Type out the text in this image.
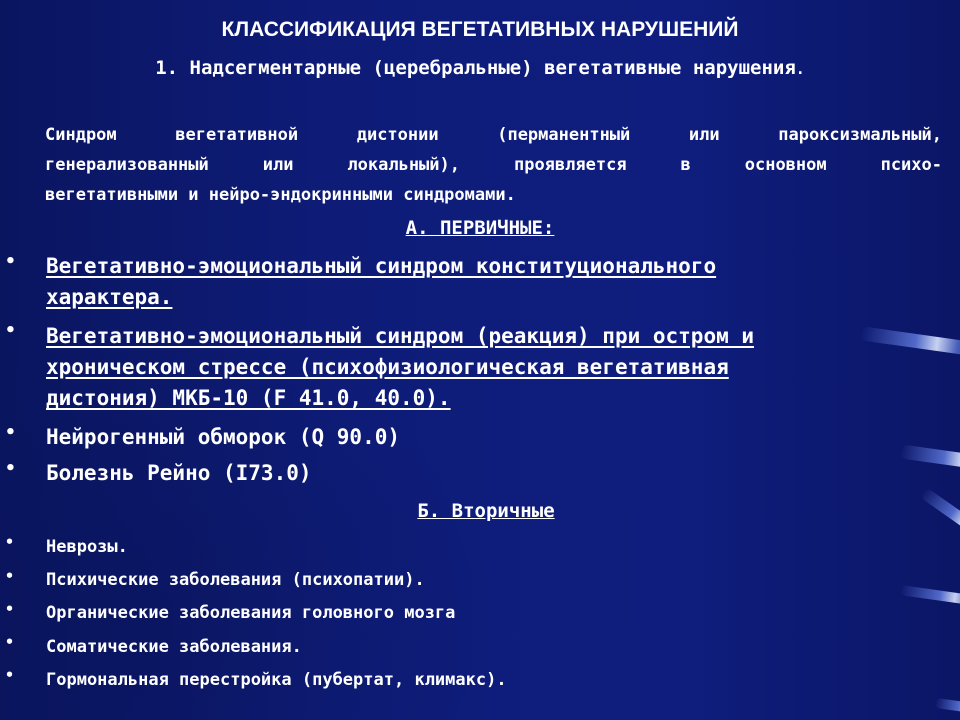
КЛАССИФИКАЦИЯ ВЕГЕТАТИВНЫХ НАРУШЕНИЙ
1. Надсегментарные (церебральные) вегетативные нарушения.
Синдром вегетативной дистонии (перманентный или пароксизмальный,
генерализованный или локальный), проявляется в основном психо-
вегетативными и нейро-эндокринными синдромами.
А. ПЕРВИЧНЫЕ:
• Вегетативно-эмоциональный синдром конституционального
характера.
• Вегетативно-эмоциональный синдром (реакция) при остром и
хроническом стрессе (психофизиологическая вегетативная
дистония) МКБ-10 (F 41.0, 40.0).
• Нейрогенный обморок (Q 90.0)
• Болезнь Рейно (I73.0)
Б. Вторичные
• Неврозы.
• Психические заболевания (психопатии).
• Органические заболевания головного мозга
• Соматические заболевания.
• Гормональная перестройка (пубертат, климакс).
